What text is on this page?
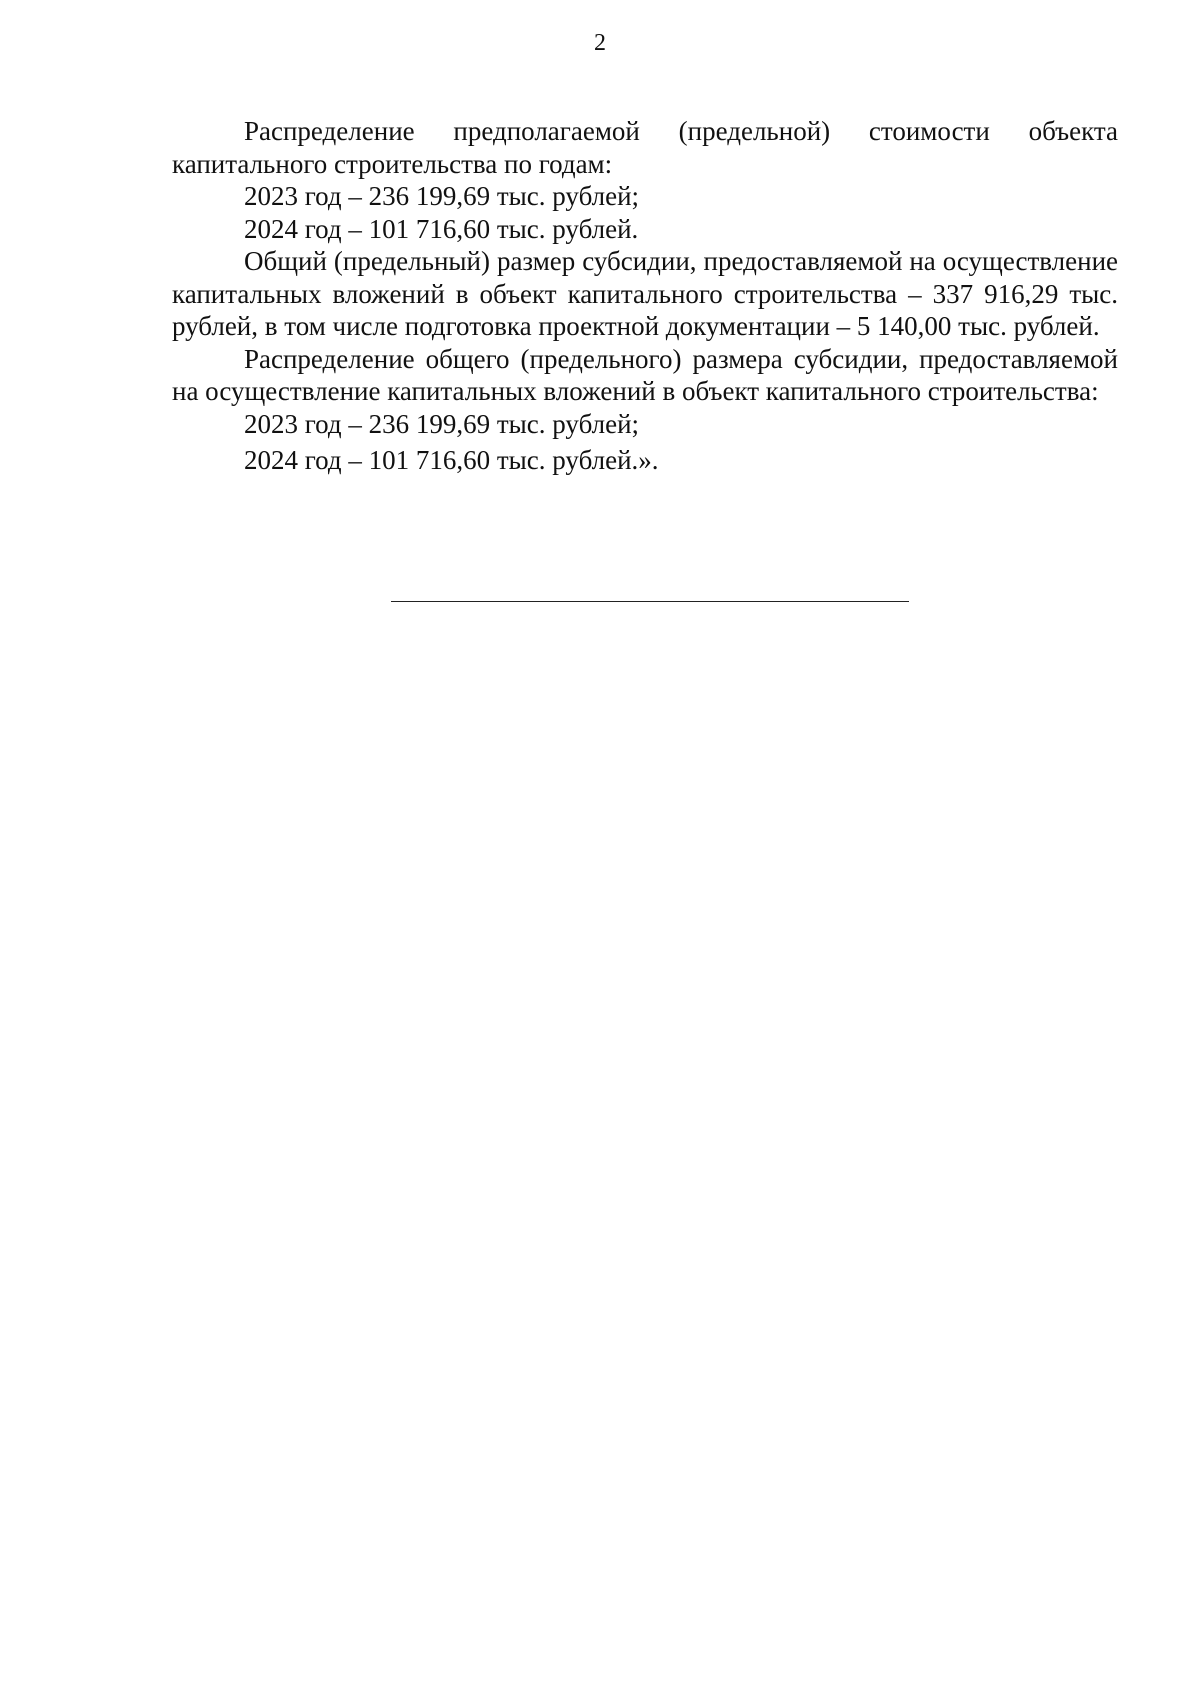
2

Распределение предполагаемой (предельной) стоимости объекта капитального строительства по годам:

2023 год – 236 199,69 тыс. рублей;

2024 год – 101 716,60 тыс. рублей.

Общий (предельный) размер субсидии, предоставляемой на осуществление капитальных вложений в объект капитального строительства – 337 916,29 тыс. рублей, в том числе подготовка проектной документации – 5 140,00 тыс. рублей.

Распределение общего (предельного) размера субсидии, предоставляемой на осуществление капитальных вложений в объект капитального строительства:

2023 год – 236 199,69 тыс. рублей;

2024 год – 101 716,60 тыс. рублей.».
